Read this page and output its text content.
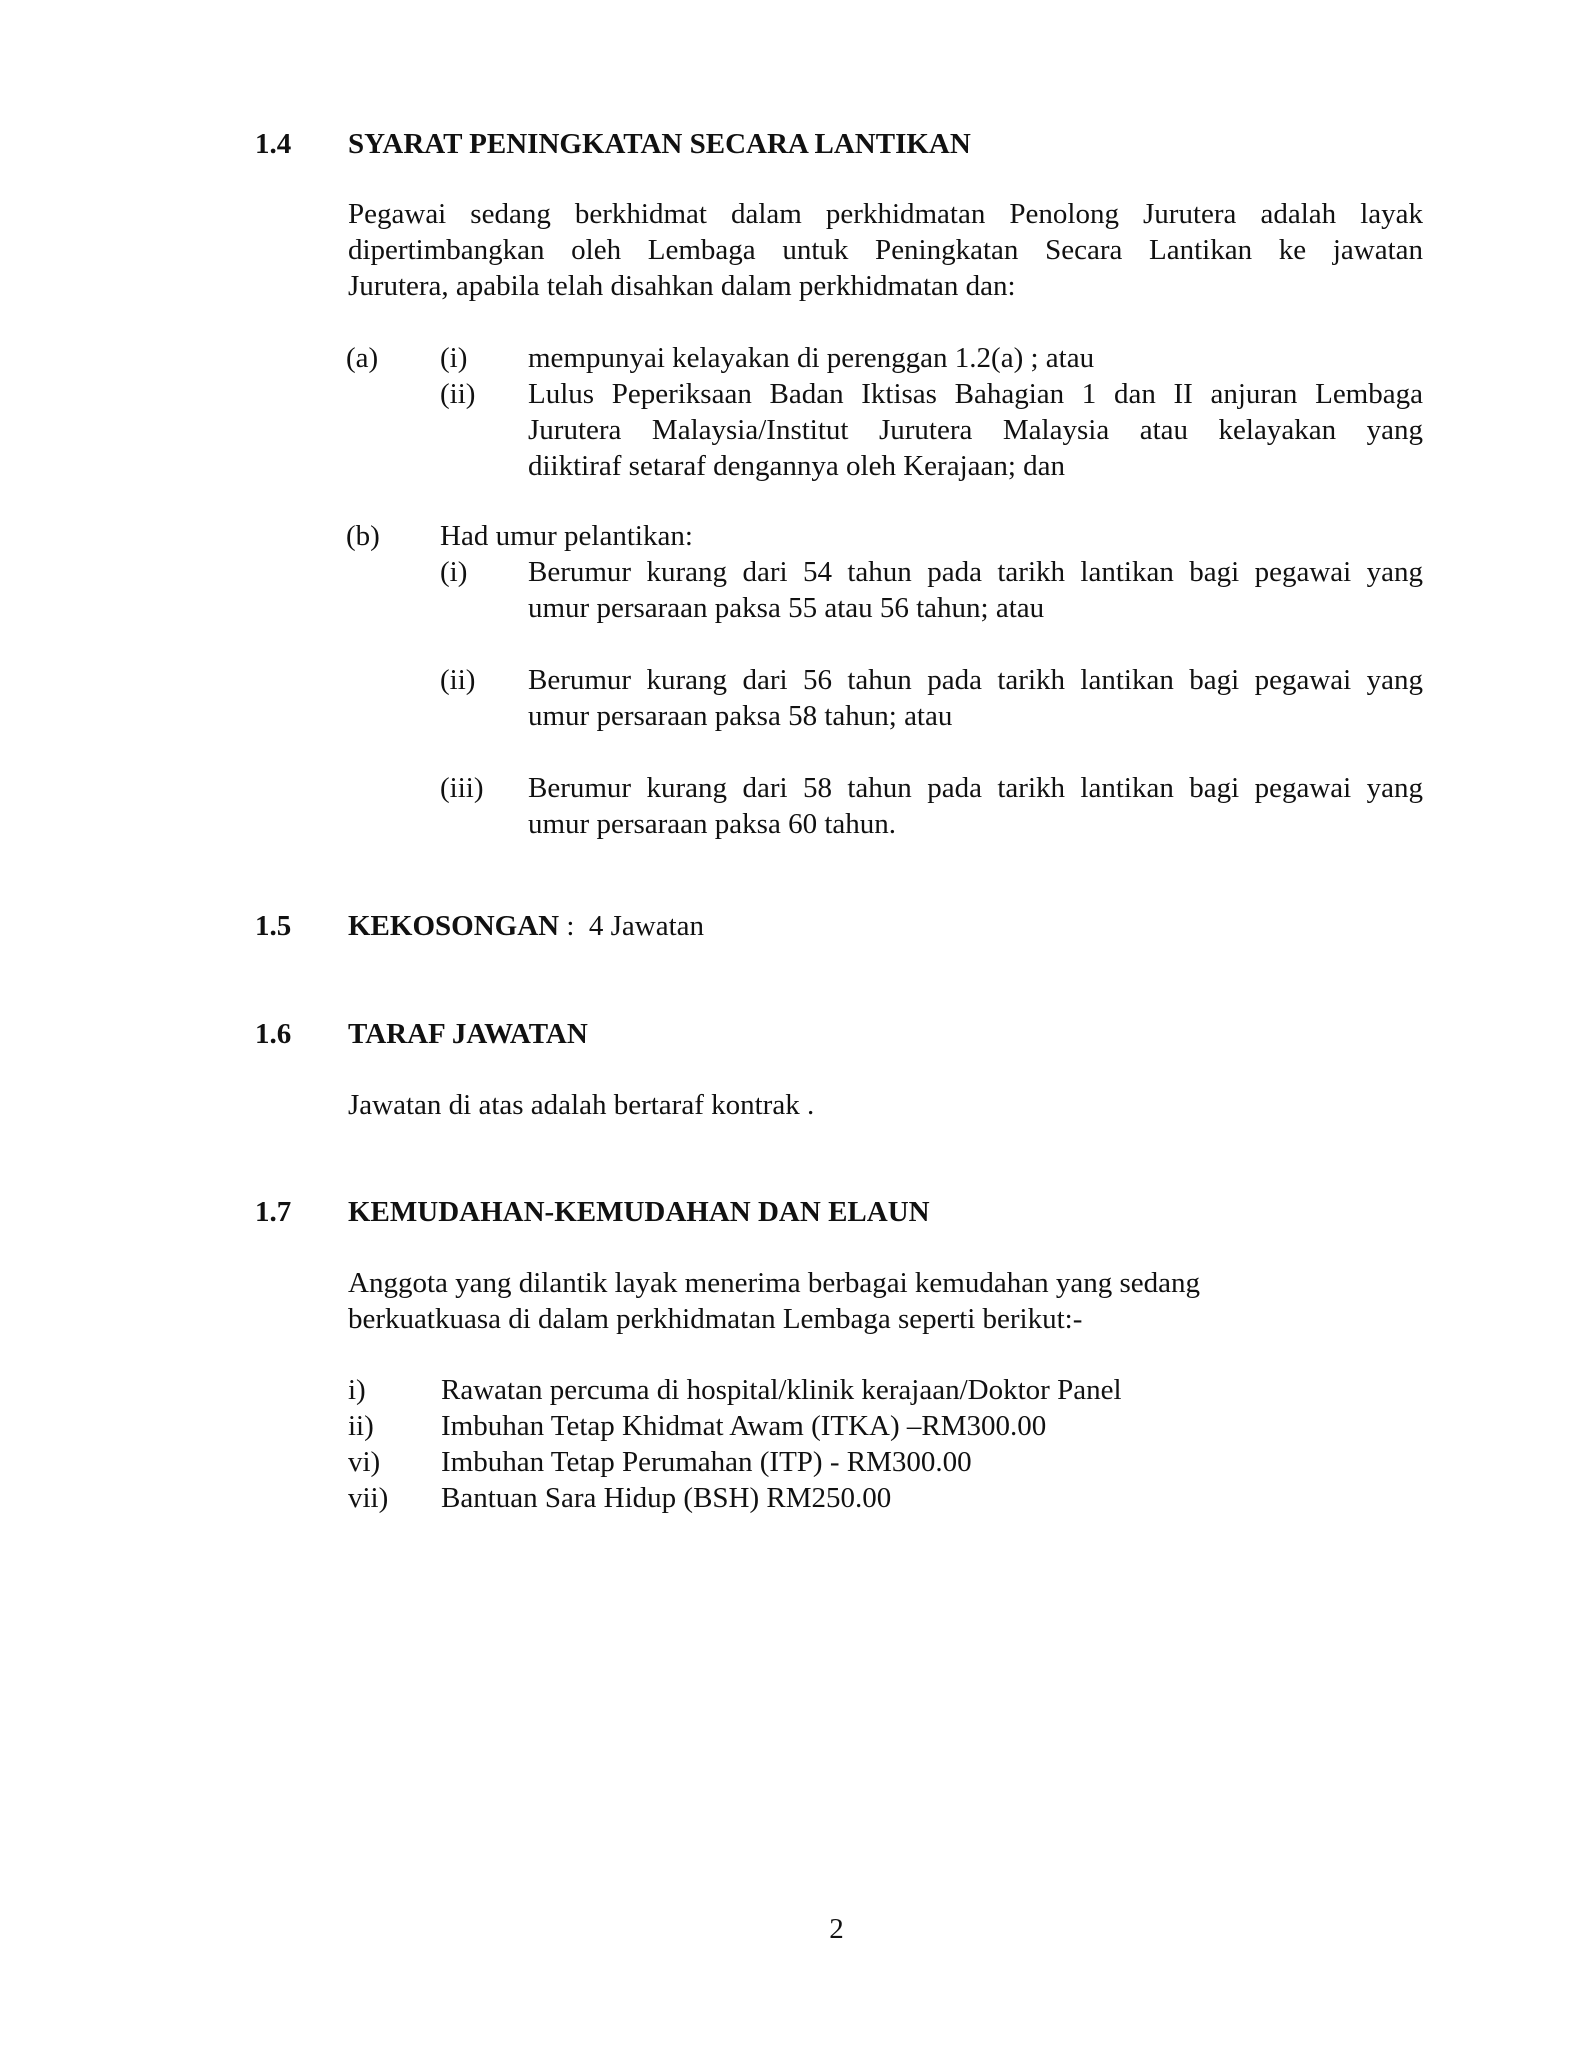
1.4 SYARAT PENINGKATAN SECARA LANTIKAN
Pegawai sedang berkhidmat dalam perkhidmatan Penolong Jurutera adalah layak
dipertimbangkan oleh Lembaga untuk Peningkatan Secara Lantikan ke jawatan
Jurutera, apabila telah disahkan dalam perkhidmatan dan:
(a) (i) mempunyai kelayakan di perenggan 1.2(a) ; atau
(ii) Lulus Peperiksaan Badan Iktisas Bahagian 1 dan II anjuran Lembaga
Jurutera Malaysia/Institut Jurutera Malaysia atau kelayakan yang
diiktiraf setaraf dengannya oleh Kerajaan; dan
(b) Had umur pelantikan:
(i) Berumur kurang dari 54 tahun pada tarikh lantikan bagi pegawai yang
umur persaraan paksa 55 atau 56 tahun; atau
(ii) Berumur kurang dari 56 tahun pada tarikh lantikan bagi pegawai yang
umur persaraan paksa 58 tahun; atau
(iii) Berumur kurang dari 58 tahun pada tarikh lantikan bagi pegawai yang
umur persaraan paksa 60 tahun.
1.5 KEKOSONGAN :  4 Jawatan
1.6 TARAF JAWATAN
Jawatan di atas adalah bertaraf kontrak .
1.7 KEMUDAHAN-KEMUDAHAN DAN ELAUN
Anggota yang dilantik layak menerima berbagai kemudahan yang sedang
berkuatkuasa di dalam perkhidmatan Lembaga seperti berikut:-
i)	Rawatan percuma di hospital/klinik kerajaan/Doktor Panel
ii) Imbuhan Tetap Khidmat Awam (ITKA) –RM300.00
vi) Imbuhan Tetap Perumahan (ITP) - RM300.00
vii) Bantuan Sara Hidup (BSH) RM250.00
2
